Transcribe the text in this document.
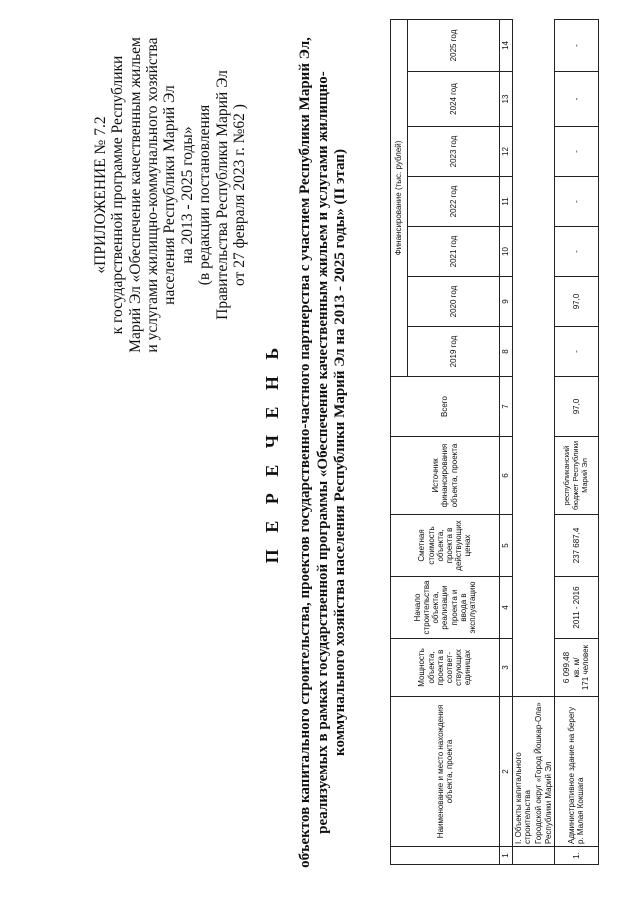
«ПРИЛОЖЕНИЕ № 7.2 к государственной программе Республики Марий Эл «Обеспечение качественным жильем и услугами жилищно-коммунального хозяйства населения Республики Марий Эл на 2013 - 2025 годы» (в редакции постановления Правительства Республики Марий Эл от 27 февраля 2023 г. №62 )
П Е Р Е Ч Е Н Ь объектов капитального строительства, проектов государственно-частного партнерства с участием Республики Марий Эл, реализуемых в рамках государственной программы «Обеспечение качественным жильем и услугами жилищно- коммунального хозяйства населения Республики Марий Эл на 2013 - 2025 годы» (II этап)
	Наименование и место нахождения объекта, проекта	Мощность объекта, проекта в соответ-ствующих единицах	Начало строительства объекта, реализации проекта и ввода в эксплуатацию	Сметная стоимость объекта, проекта в действующих ценах	Источник финансирования объекта, проекта	Всего	Финансирование (тыс. рублей)						
							2019 год	2020 год	2021 год	2022 год	2023 год	2024 год	2025 год
1	2	3	4	5	6	7	8	9	10	11	12	13	14
	I. Объекты капитального строительства												
	Городской округ «Город Йошкар-Ола» Республики Марий Эл												
1.	Административное здание на берегу р. Малая Кокшага	6 099,48 кв. м/ 171 человек	2011 - 2016	237 687,4	республиканский бюджет Республики Марий Эл	97,0	-	97,0	-	-	-	-	-
